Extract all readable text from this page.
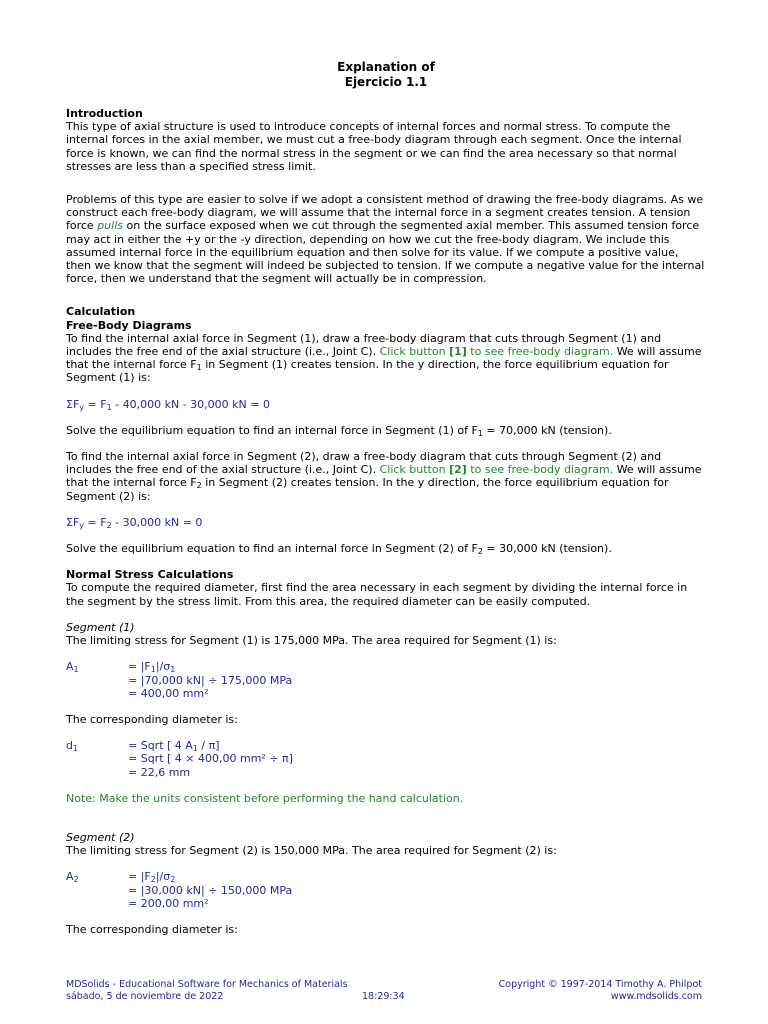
Explanation of
Ejercicio 1.1
Introduction

This type of axial structure is used to introduce concepts of internal forces and normal stress. To compute the internal forces in the axial member, we must cut a free-body diagram through each segment. Once the internal force is known, we can find the normal stress in the segment or we can find the area necessary so that normal stresses are less than a specified stress limit.

Problems of this type are easier to solve if we adopt a consistent method of drawing the free-body diagrams. As we construct each free-body diagram, we will assume that the internal force in a segment creates tension. A tension force pulls on the surface exposed when we cut through the segmented axial member. This assumed tension force may act in either the +y or the -y direction, depending on how we cut the free-body diagram. We include this assumed internal force in the equilibrium equation and then solve for its value. If we compute a positive value, then we know that the segment will indeed be subjected to tension. If we compute a negative value for the internal force, then we understand that the segment will actually be in compression.

Calculation
Free-Body Diagrams

To find the internal axial force in Segment (1), draw a free-body diagram that cuts through Segment (1) and includes the free end of the axial structure (i.e., Joint C). Click button [1] to see free-body diagram. We will assume that the internal force $F_1$ in Segment (1) creates tension. In the y direction, the force equilibrium equation for Segment (1) is:

$\Sigma F_y = F_1 - 40,000$ kN - 30,000 kN = 0

Solve the equilibrium equation to find an internal force in Segment (1) of $F_1 = 70,000$ kN (tension).

To find the internal axial force in Segment (2), draw a free-body diagram that cuts through Segment (2) and includes the free end of the axial structure (i.e., Joint C). Click button [2] to see free-body diagram. We will assume that the internal force $F_2$ in Segment (2) creates tension. In the y direction, the force equilibrium equation for Segment (2) is:

$\Sigma F_y = F_2 - 30,000$ kN = 0

Solve the equilibrium equation to find an internal force in Segment (2) of $F_2 = 30,000$ kN (tension).

Normal Stress Calculations

To compute the required diameter, first find the area necessary in each segment by dividing the internal force in the segment by the stress limit. From this area, the required diameter can be easily computed.

Segment (1)

The limiting stress for Segment (1) is 175,000 MPa. The area required for Segment (1) is:

$A_1$	= $|F_1|/\sigma_1$
= |70,000 kN| ÷ 175,000 MPa
= 400,00 mm²

The corresponding diameter is:

$d_1$	= Sqrt [ 4 $A_1 / \pi$]
= Sqrt [ 4 × 400,00 mm² ÷ π]
= 22,6 mm

Note: Make the units consistent before performing the hand calculation.

Segment (2)

The limiting stress for Segment (2) is 150,000 MPa. The area required for Segment (2) is:

$A_2$	= $|F_2|/\sigma_2$
= |30,000 kN| ÷ 150,000 MPa
= 200,00 mm²

The corresponding diameter is:

MDSolids - Educational Software for Mechanics of Materials	Copyright © 1997-2014 Timothy A. Philpot
sábado, 5 de noviembre de 2022	18:29:34	www.mdsolids.com
